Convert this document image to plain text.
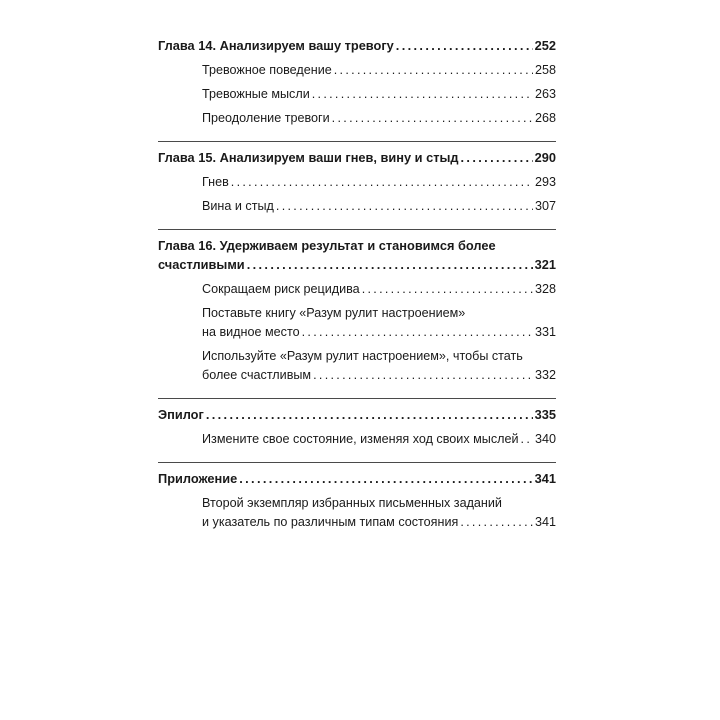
Глава 14. Анализируем вашу тревогу . . .	252
Тревожное поведение . . .	258
Тревожные мысли . . .	263
Преодоление тревоги . . .	268
Глава 15. Анализируем ваши гнев, вину и стыд . . .	290
Гнев . . .	293
Вина и стыд . . .	307
Глава 16. Удерживаем результат и становимся более
счастливыми . . .	321
Сокращаем риск рецидива . . .	328
Поставьте книгу «Разум рулит настроением»
на видное место . . .	331
Используйте «Разум рулит настроением», чтобы стать
более счастливым . . .	332
Эпилог . . .	335
Измените свое состояние, изменяя ход своих мыслей . . . 340
Приложение . . .	341
Второй экземпляр избранных письменных заданий
и указатель по различным типам состояния . . .	341
